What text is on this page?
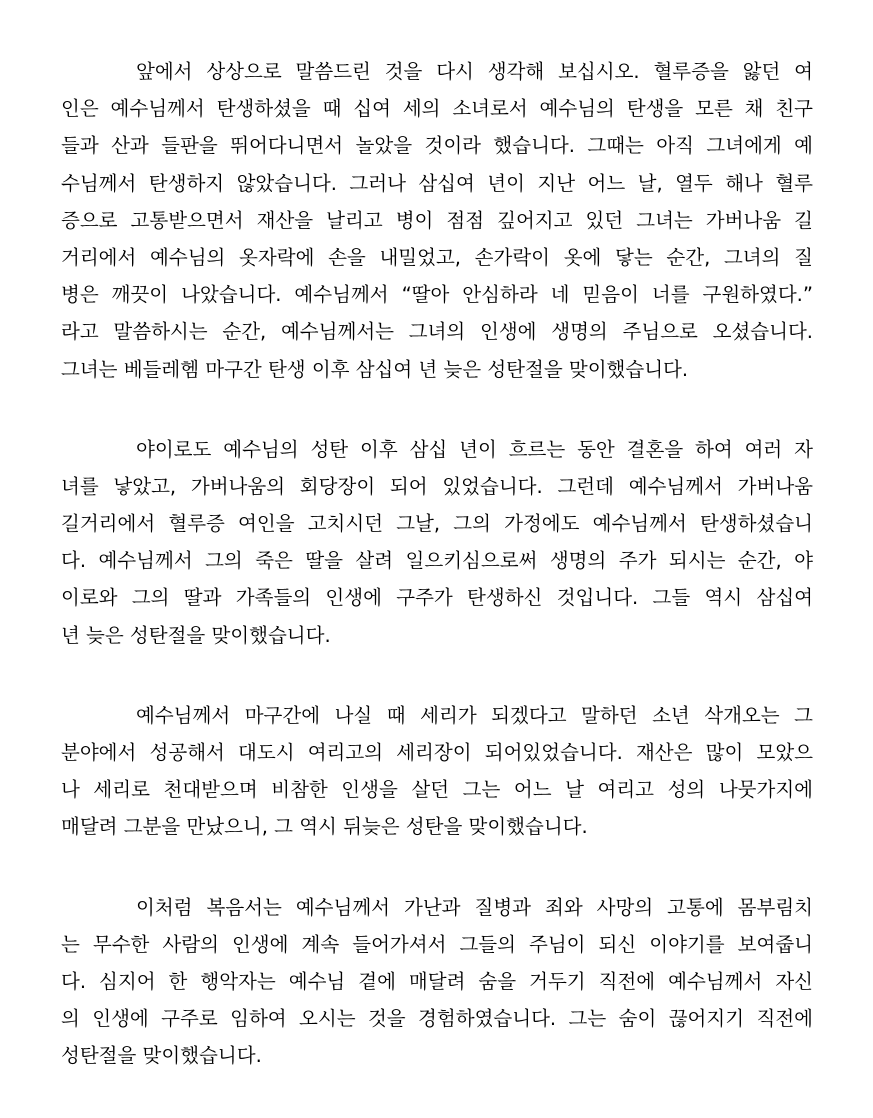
앞에서 상상으로 말씀드린 것을 다시 생각해 보십시오. 혈루증을 앓던 여
인은 예수님께서 탄생하셨을 때 십여 세의 소녀로서 예수님의 탄생을 모른 채 친구
들과 산과 들판을 뛰어다니면서 놀았을 것이라 했습니다. 그때는 아직 그녀에게 예
수님께서 탄생하지 않았습니다. 그러나 삼십여 년이 지난 어느 날, 열두 해나 혈루
증으로 고통받으면서 재산을 날리고 병이 점점 깊어지고 있던 그녀는 가버나움 길
거리에서 예수님의 옷자락에 손을 내밀었고, 손가락이 옷에 닿는 순간, 그녀의 질
병은 깨끗이 나았습니다. 예수님께서 “딸아 안심하라 네 믿음이 너를 구원하였다.”
라고 말씀하시는 순간, 예수님께서는 그녀의 인생에 생명의 주님으로 오셨습니다.
그녀는 베들레헴 마구간 탄생 이후 삼십여 년 늦은 성탄절을 맞이했습니다.
야이로도 예수님의 성탄 이후 삼십 년이 흐르는 동안 결혼을 하여 여러 자
녀를 낳았고, 가버나움의 회당장이 되어 있었습니다. 그런데 예수님께서 가버나움
길거리에서 혈루증 여인을 고치시던 그날, 그의 가정에도 예수님께서 탄생하셨습니
다. 예수님께서 그의 죽은 딸을 살려 일으키심으로써 생명의 주가 되시는 순간, 야
이로와 그의 딸과 가족들의 인생에 구주가 탄생하신 것입니다. 그들 역시 삼십여
년 늦은 성탄절을 맞이했습니다.
예수님께서 마구간에 나실 때 세리가 되겠다고 말하던 소년 삭개오는 그
분야에서 성공해서 대도시 여리고의 세리장이 되어있었습니다. 재산은 많이 모았으
나 세리로 천대받으며 비참한 인생을 살던 그는 어느 날 여리고 성의 나뭇가지에
매달려 그분을 만났으니, 그 역시 뒤늦은 성탄을 맞이했습니다.
이처럼 복음서는 예수님께서 가난과 질병과 죄와 사망의 고통에 몸부림치
는 무수한 사람의 인생에 계속 들어가셔서 그들의 주님이 되신 이야기를 보여줍니
다. 심지어 한 행악자는 예수님 곁에 매달려 숨을 거두기 직전에 예수님께서 자신
의 인생에 구주로 임하여 오시는 것을 경험하였습니다. 그는 숨이 끊어지기 직전에
성탄절을 맞이했습니다.
